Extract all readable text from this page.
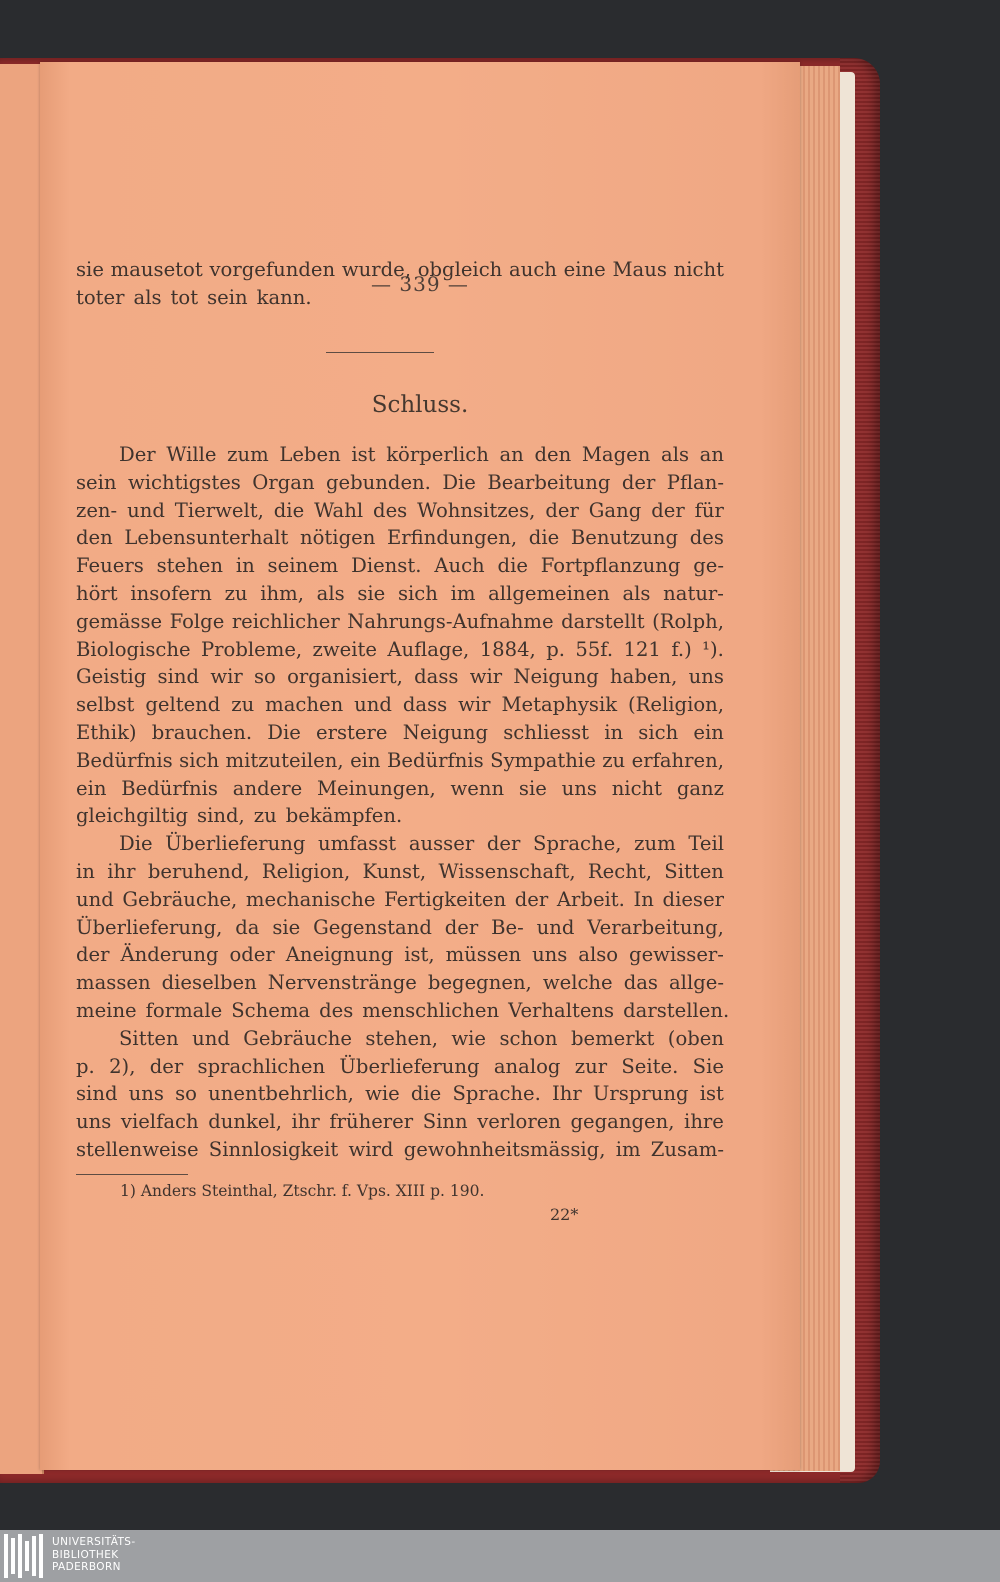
— 339 —
sie mausetot vorgefunden wurde, obgleich auch eine Maus nicht
toter als tot sein kann.
Schluss.
Der Wille zum Leben ist körperlich an den Magen als an
sein wichtigstes Organ gebunden. Die Bearbeitung der Pflan-
zen- und Tierwelt, die Wahl des Wohnsitzes, der Gang der für
den Lebensunterhalt nötigen Erfindungen, die Benutzung des
Feuers stehen in seinem Dienst. Auch die Fortpflanzung ge-
hört insofern zu ihm, als sie sich im allgemeinen als natur-
gemässe Folge reichlicher Nahrungs-Aufnahme darstellt (Rolph,
Biologische Probleme, zweite Auflage, 1884, p. 55f. 121 f.) ¹).
Geistig sind wir so organisiert, dass wir Neigung haben, uns
selbst geltend zu machen und dass wir Metaphysik (Religion,
Ethik) brauchen. Die erstere Neigung schliesst in sich ein
Bedürfnis sich mitzuteilen, ein Bedürfnis Sympathie zu erfahren,
ein Bedürfnis andere Meinungen, wenn sie uns nicht ganz
gleichgiltig sind, zu bekämpfen.
Die Überlieferung umfasst ausser der Sprache, zum Teil
in ihr beruhend, Religion, Kunst, Wissenschaft, Recht, Sitten
und Gebräuche, mechanische Fertigkeiten der Arbeit. In dieser
Überlieferung, da sie Gegenstand der Be- und Verarbeitung,
der Änderung oder Aneignung ist, müssen uns also gewisser-
massen dieselben Nervenstränge begegnen, welche das allge-
meine formale Schema des menschlichen Verhaltens darstellen.
Sitten und Gebräuche stehen, wie schon bemerkt (oben
p. 2), der sprachlichen Überlieferung analog zur Seite. Sie
sind uns so unentbehrlich, wie die Sprache. Ihr Ursprung ist
uns vielfach dunkel, ihr früherer Sinn verloren gegangen, ihre
stellenweise Sinnlosigkeit wird gewohnheitsmässig, im Zusam-
1) Anders Steinthal, Ztschr. f. Vps. XIII p. 190.
22*
UNIVERSITÄTS-
BIBLIOTHEK
PADERBORN
